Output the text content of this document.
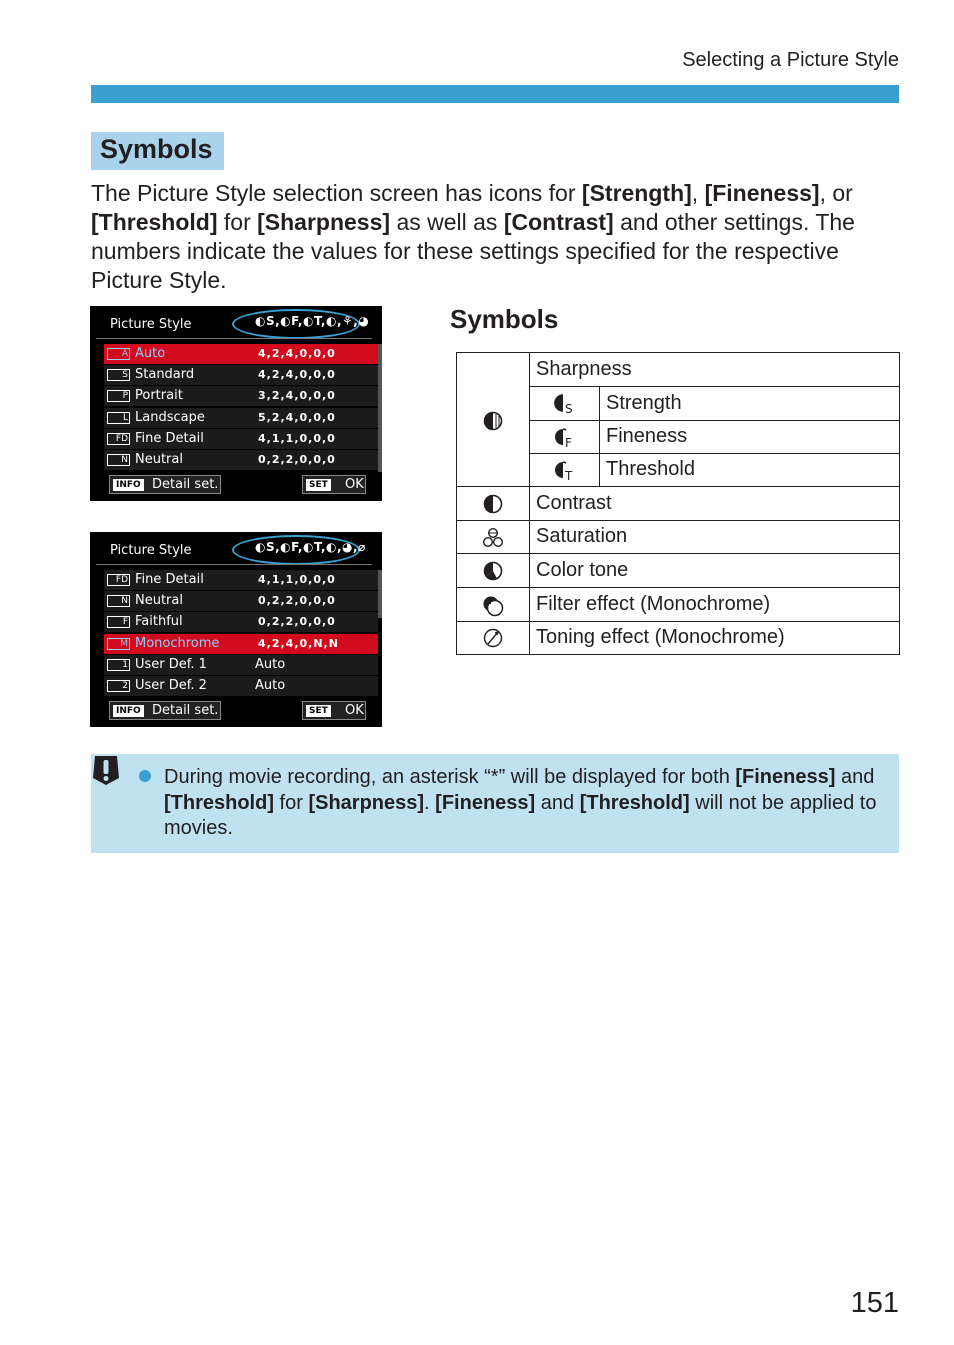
Selecting a Picture Style
Symbols
The Picture Style selection screen has icons for [Strength], [Fineness], or [Threshold] for [Sharpness] as well as [Contrast] and other settings. The numbers indicate the values for these settings specified for the respective Picture Style.
Picture Style	◐S,◐F,◐T,◐,⚘,◕
A Auto	4,2,4,0,0,0
S Standard	4,2,4,0,0,0
P Portrait	3,2,4,0,0,0
L Landscape	5,2,4,0,0,0
FD Fine Detail	4,1,1,0,0,0
N Neutral	0,2,2,0,0,0
INFO Detail set.	SET OK
Picture Style	◐S,◐F,◐T,◐,◕,⌀
FD Fine Detail	4,1,1,0,0,0
N Neutral	0,2,2,0,0,0
F Faithful	0,2,2,0,0,0
M Monochrome	4,2,4,0,N,N
1 User Def. 1	Auto
2 User Def. 2	Auto
INFO Detail set.	SET OK
Symbols
Sharpness
S Strength
F Fineness
T Threshold
Contrast
Saturation
Color tone
Filter effect (Monochrome)
Toning effect (Monochrome)
During movie recording, an asterisk “*” will be displayed for both [Fineness] and [Threshold] for [Sharpness]. [Fineness] and [Threshold] will not be applied to movies.
151
